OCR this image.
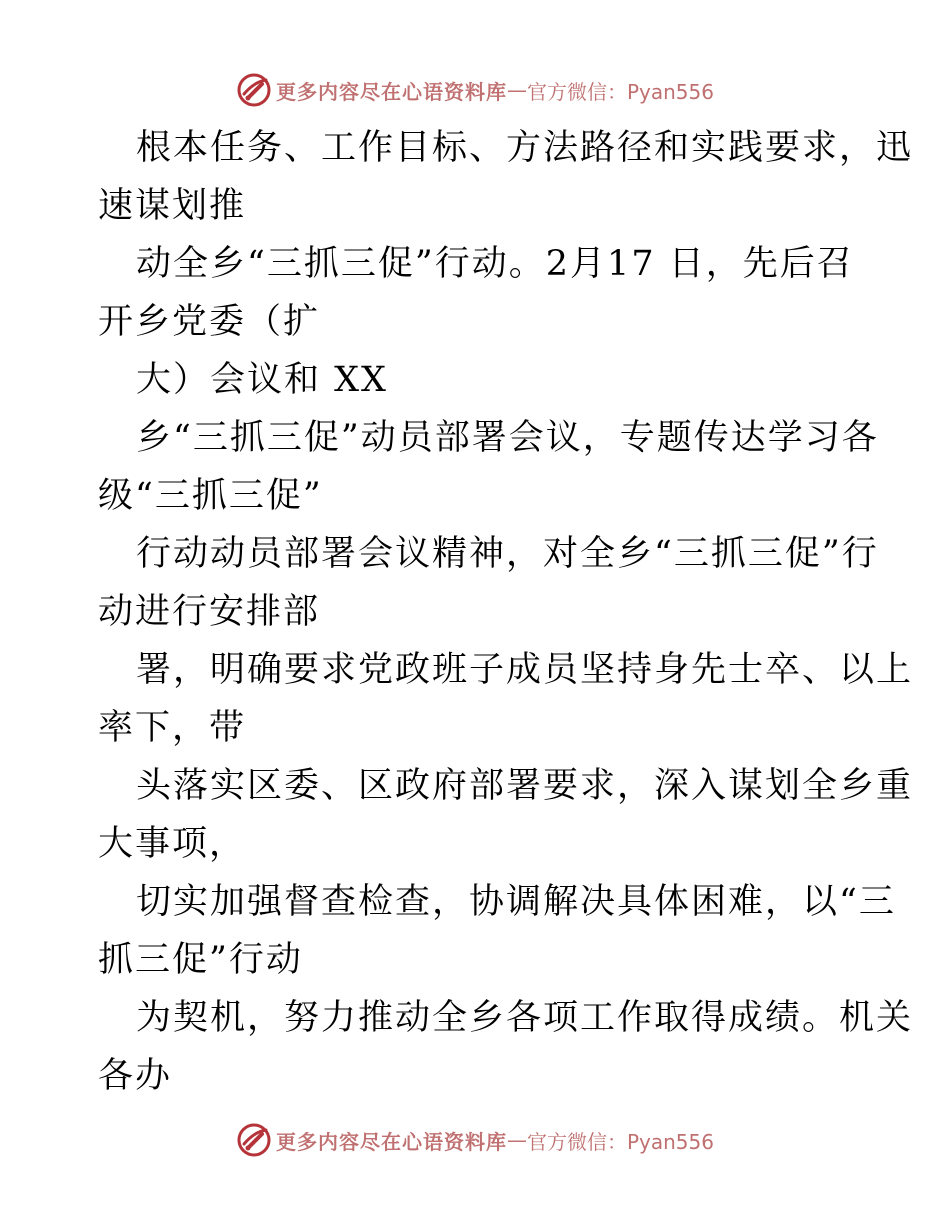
更多内容尽在心语资料库 — 官方微信：Pyan556
根本任务、工作目标、方法路径和实践要求，迅
速谋划推
动全乡“三抓三促”行动。2月17 日，先后召
开乡党委（扩
大）会议和 XX
乡“三抓三促”动员部署会议，专题传达学习各
级“三抓三促”
行动动员部署会议精神，对全乡“三抓三促”行
动进行安排部
署，明确要求党政班子成员坚持身先士卒、以上
率下，带
头落实区委、区政府部署要求，深入谋划全乡重
大事项，
切实加强督查检查，协调解决具体困难，以“三
抓三促”行动
为契机，努力推动全乡各项工作取得成绩。机关
各办
更多内容尽在心语资料库 — 官方微信：Pyan556
